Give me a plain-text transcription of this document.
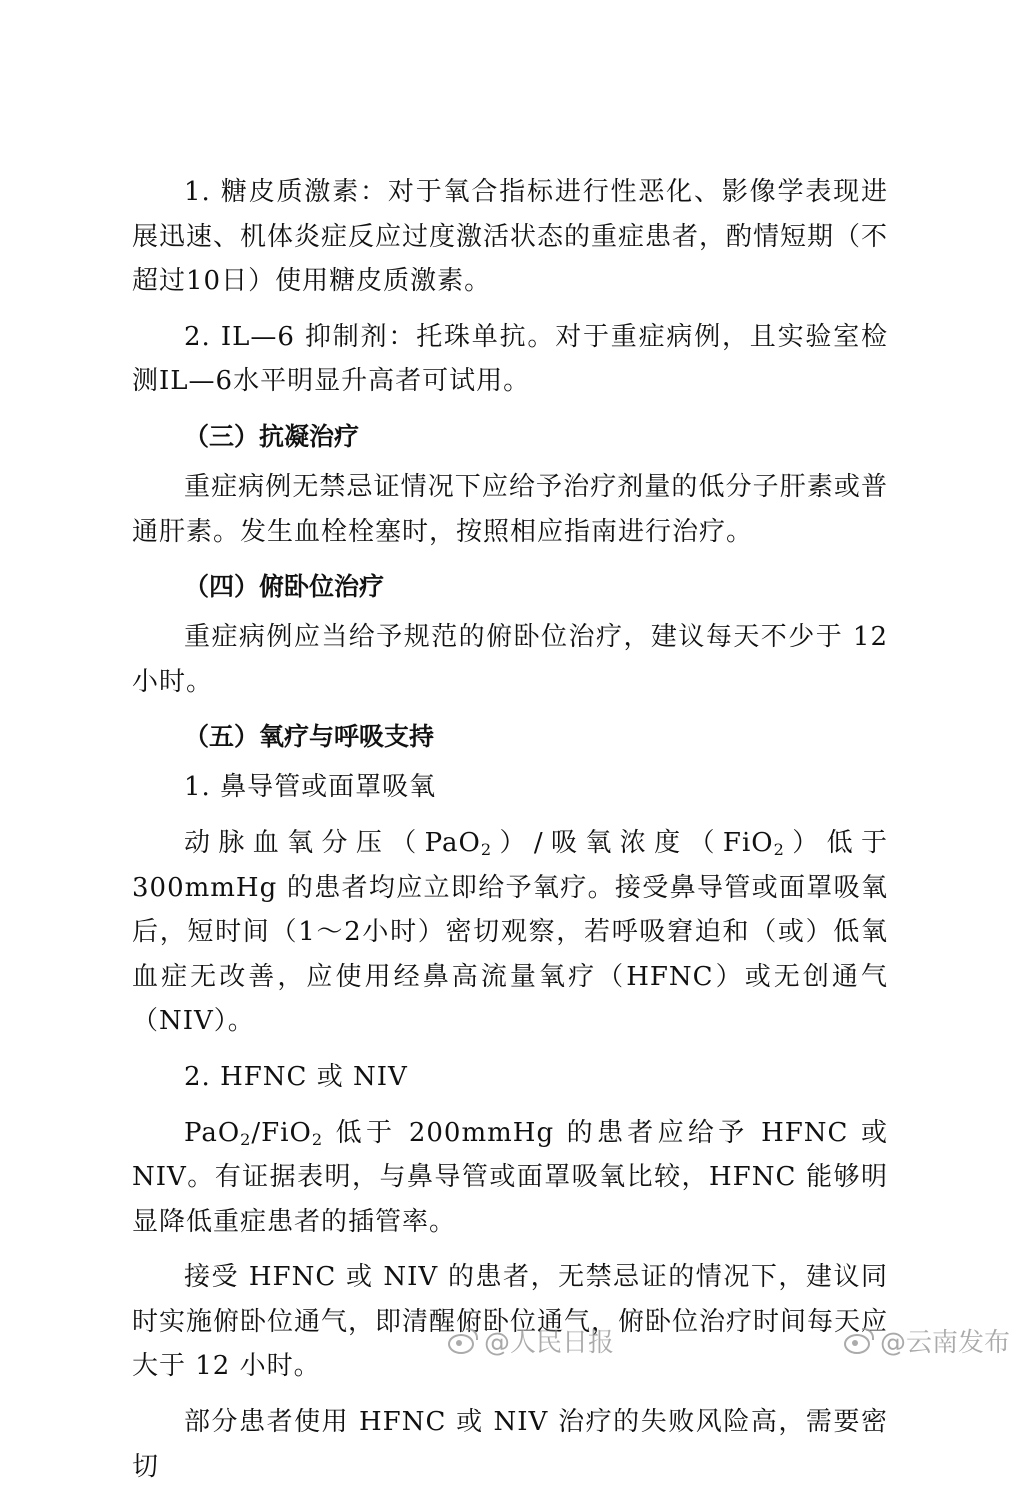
1. 糖皮质激素：对于氧合指标进行性恶化、影像学表现进展迅速、机体炎症反应过度激活状态的重症患者，酌情短期（不超过10日）使用糖皮质激素。

2. IL—6 抑制剂：托珠单抗。对于重症病例，且实验室检测IL—6水平明显升高者可试用。

（三）抗凝治疗

重症病例无禁忌证情况下应给予治疗剂量的低分子肝素或普通肝素。发生血栓栓塞时，按照相应指南进行治疗。

（四）俯卧位治疗

重症病例应当给予规范的俯卧位治疗，建议每天不少于 12 小时。

（五）氧疗与呼吸支持

1. 鼻导管或面罩吸氧

动脉血氧分压（PaO$_2$）/吸氧浓度（FiO$_2$）低于 300mmHg 的患者均应立即给予氧疗。接受鼻导管或面罩吸氧后，短时间（1～2小时）密切观察，若呼吸窘迫和（或）低氧血症无改善，应使用经鼻高流量氧疗（HFNC）或无创通气（NIV）。

2. HFNC 或 NIV

PaO$_2$/FiO$_2$ 低于 200mmHg 的患者应给予 HFNC 或 NIV。有证据表明，与鼻导管或面罩吸氧比较，HFNC 能够明显降低重症患者的插管率。

接受 HFNC 或 NIV 的患者，无禁忌证的情况下，建议同时实施俯卧位通气，即清醒俯卧位通气，俯卧位治疗时间每天应大于 12 小时。

部分患者使用 HFNC 或 NIV 治疗的失败风险高，需要密切

@人民日报	@云南发布
